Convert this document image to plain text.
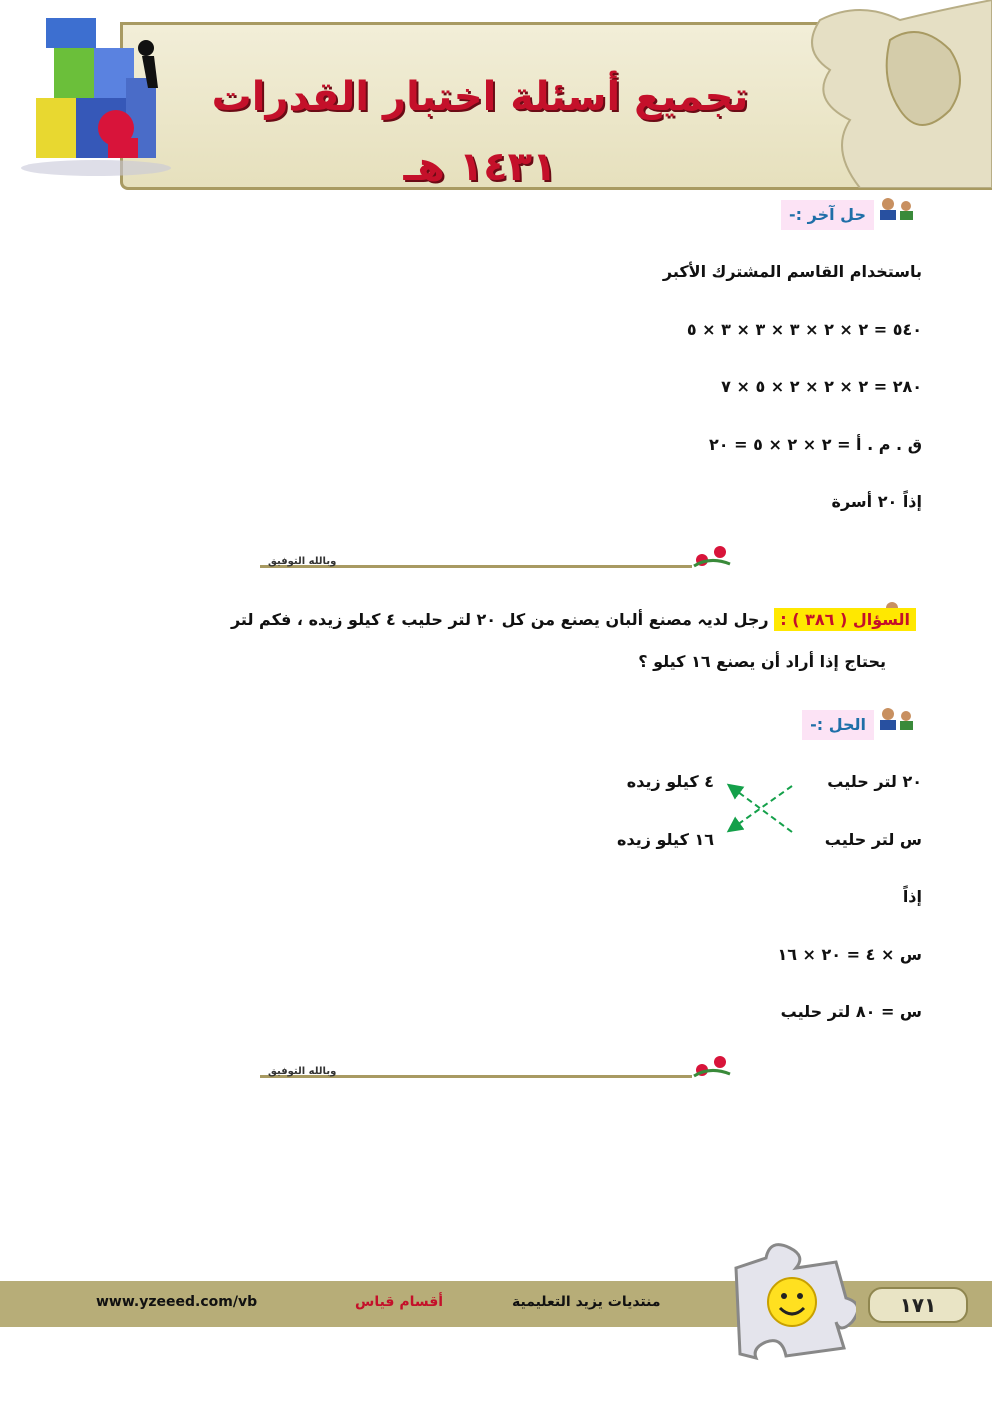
تجميع أسئلة اختبار القدرات ١٤٣١ هـ
حل آخر :-
باستخدام القاسم المشترك الأكبر
٥٤٠ = ٢ × ٢ × ٣ × ٣ × ٣ × ٥
٢٨٠ = ٢ × ٢ × ٢ × ٥ × ٧
ق . م . أ = ٢ × ٢ × ٥ = ٢٠
إذاً ٢٠ أسرة
وبالله التوفيق
السؤال ( ٣٨٦ ) : رجل لديہ مصنع ألبان يصنع من كل ٢٠ لتر حليب ٤ كيلو زيده ، فكم لتر
يحتاج إذا أراد أن يصنع ١٦ كيلو ؟
الحل :-
٢٠ لتر حليب
٤ كيلو زيده
س لتر حليب
١٦ كيلو زيده
إذاً
س × ٤ = ٢٠ × ١٦
س = ٨٠ لتر حليب
وبالله التوفيق
www.yzeeed.com/vb	أقسام قياس	منتديات يزيد التعليمية	١٧١
